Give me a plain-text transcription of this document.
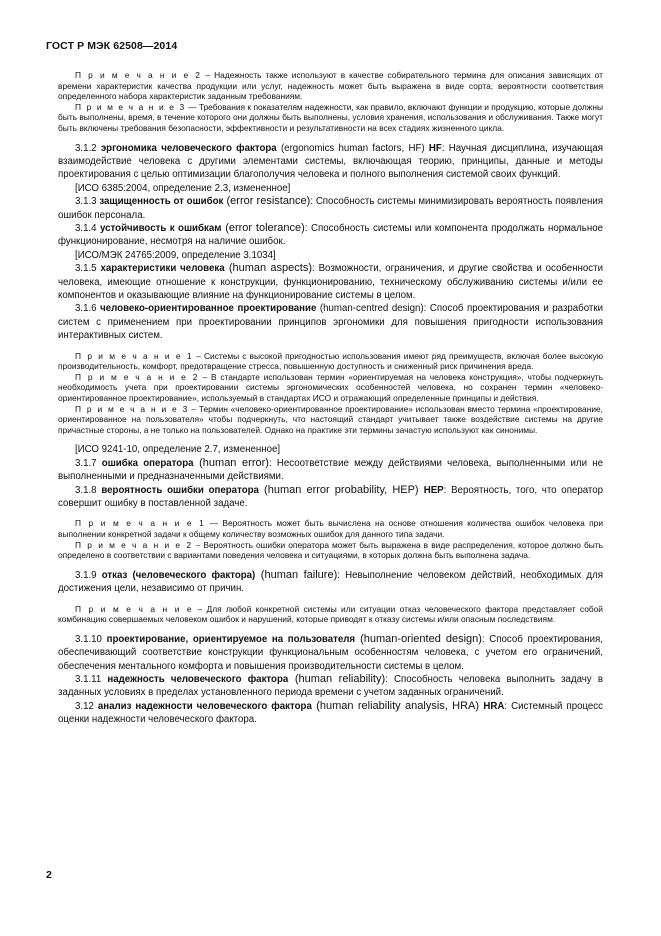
ГОСТ Р МЭК 62508—2014

П р и м е ч а н и е 2 – Надежность также используют в качестве собирательного термина для описания зависящих от времени характеристик качества продукции или услуг, надежность может быть выражена в виде сорта, вероятности соответствия определенного набора характеристик заданным требованиям.

П р и м е ч а н и е 3 — Требования к показателям надежности, как правило, включают функции и продукцию, которые должны быть выполнены, время, в течение которого они должны быть выполнены, условия хранения, использования и обслуживания. Также могут быть включены требования безопасности, эффективности и результативности на всех стадиях жизненного цикла.

3.1.2 эргономика человеческого фактора (ergonomics human factors, HF) HF: Научная дисциплина, изучающая взаимодействие человека с другими элементами системы, включающая теорию, принципы, данные и методы проектирования с целью оптимизации благополучия человека и полного выполнения системой своих функций.

[ИСО 6385:2004, определение 2.3, измененное]

3.1.3 защищенность от ошибок (error resistance): Способность системы минимизировать вероятность появления ошибок персонала.

3.1.4 устойчивость к ошибкам (error tolerance): Способность системы или компонента продолжать нормальное функционирование, несмотря на наличие ошибок.

[ИСО/МЭК 24765:2009, определение 3.1034]

3.1.5 характеристики человека (human aspects): Возможности, ограничения, и другие свойства и особенности человека, имеющие отношение к конструкции, функционированию, техническому обслуживанию системы и/или ее компонентов и оказывающие влияние на функционирование системы в целом.

3.1.6 человеко-ориентированное проектирование (human-centred design): Способ проектирования и разработки систем с применением при проектировании принципов эргономики для повышения пригодности использования интерактивных систем.

П р и м е ч а н и е 1 – Системы с высокой пригодностью использования имеют ряд преимуществ, включая более высокую производительность, комфорт, предотвращение стресса, повышенную доступность и сниженный риск причинения вреда.

П р и м е ч а н и е 2 – В стандарте использован термин «ориентируемая на человека конструкция», чтобы подчеркнуть необходимость учета при проектировании системы эргономических особенностей человека, но сохранен термин «человеко-ориентированное проектирование», используемый в стандартах ИСО и отражающий определенные принципы и действия.

П р и м е ч а н и е 3 – Термин «человеко-ориентированное проектирование» использован вместо термина «проектирование, ориентированное на пользователя» чтобы подчеркнуть, что настоящий стандарт учитывает также воздействие системы на другие причастные стороны, а не только на пользователей. Однако на практике эти термины зачастую используют как синонимы.

[ИСО 9241-10, определение 2.7, измененное]

3.1.7 ошибка оператора (human error): Несоответствие между действиями человека, выполненными или не выполненными и предназначенными действиями.

3.1.8 вероятность ошибки оператора (human error probability, HEP) HEP: Вероятность, того, что оператор совершит ошибку в поставленной задаче.

П р и м е ч а н и е 1 — Вероятность может быть вычислена на основе отношения количества ошибок человека при выполнении конкретной задачи к общему количеству возможных ошибок для данного типа задачи.

П р и м е ч а н и е 2 – Вероятность ошибки оператора может быть выражена в виде распределения, которое должно быть определено в соответствии с вариантами поведения человека и ситуациями, в которых должна быть выполнена задача.

3.1.9 отказ (человеческого фактора) (human failure): Невыполнение человеком действий, необходимых для достижения цели, независимо от причин.

П р и м е ч а н и е – Для любой конкретной системы или ситуации отказ человеческого фактора представляет собой комбинацию совершаемых человеком ошибок и нарушений, которые приводят к отказу системы и/или опасным последствиям.

3.1.10 проектирование, ориентируемое на пользователя (human-oriented design): Способ проектирования, обеспечивающий соответствие конструкции функциональным особенностям человека, с учетом его ограничений, обеспечения ментального комфорта и повышения производительности системы в целом.

3.1.11 надежность человеческого фактора (human reliability): Способность человека выполнить задачу в заданных условиях в пределах установленного периода времени с учетом заданных ограничений.

3.12 анализ надежности человеческого фактора (human reliability analysis, HRA) HRA: Системный процесс оценки надежности человеческого фактора.

2
